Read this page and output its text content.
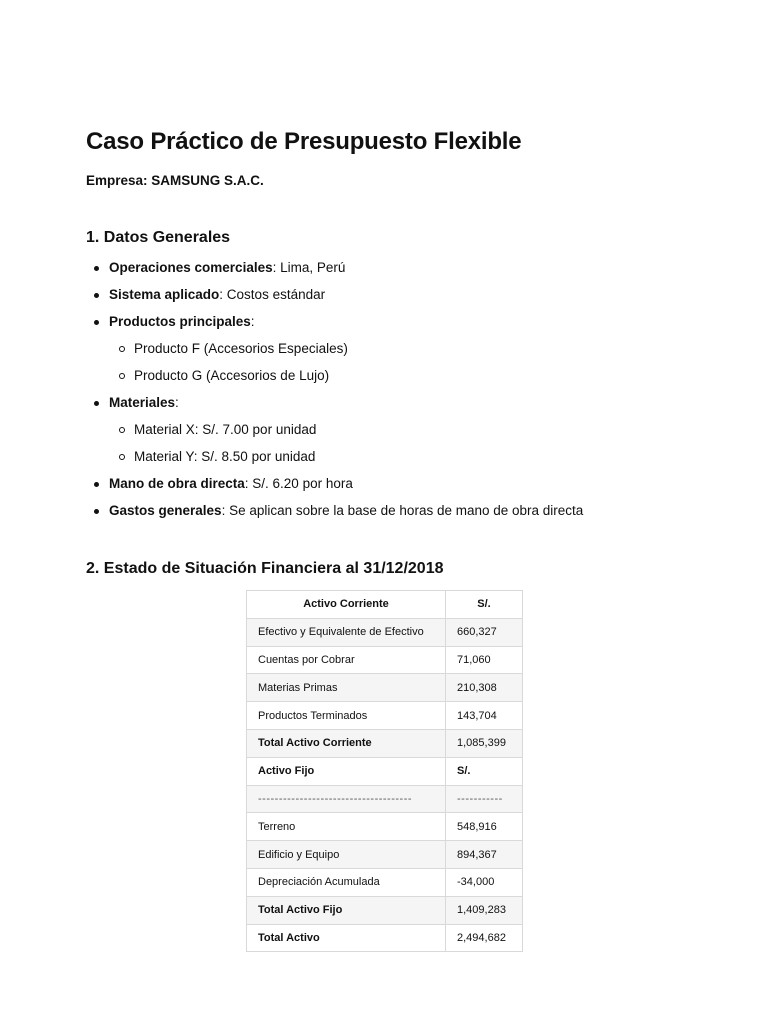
Caso Práctico de Presupuesto Flexible

Empresa: SAMSUNG S.A.C.

1. Datos Generales
Operaciones comerciales: Lima, Perú
Sistema aplicado: Costos estándar
Productos principales:
Producto F (Accesorios Especiales)
Producto G (Accesorios de Lujo)
Materiales:
Material X: S/. 7.00 por unidad
Material Y: S/. 8.50 por unidad
Mano de obra directa: S/. 6.20 por hora
Gastos generales: Se aplican sobre la base de horas de mano de obra directa
2. Estado de Situación Financiera al 31/12/2018
Activo Corriente	S/.
Efectivo y Equivalente de Efectivo	660,327
Cuentas por Cobrar	71,060
Materias Primas	210,308
Productos Terminados	143,704
Total Activo Corriente	1,085,399
Activo Fijo	S/.
-------------------------------------	-----------
Terreno	548,916
Edificio y Equipo	894,367
Depreciación Acumulada	-34,000
Total Activo Fijo	1,409,283
Total Activo	2,494,682
